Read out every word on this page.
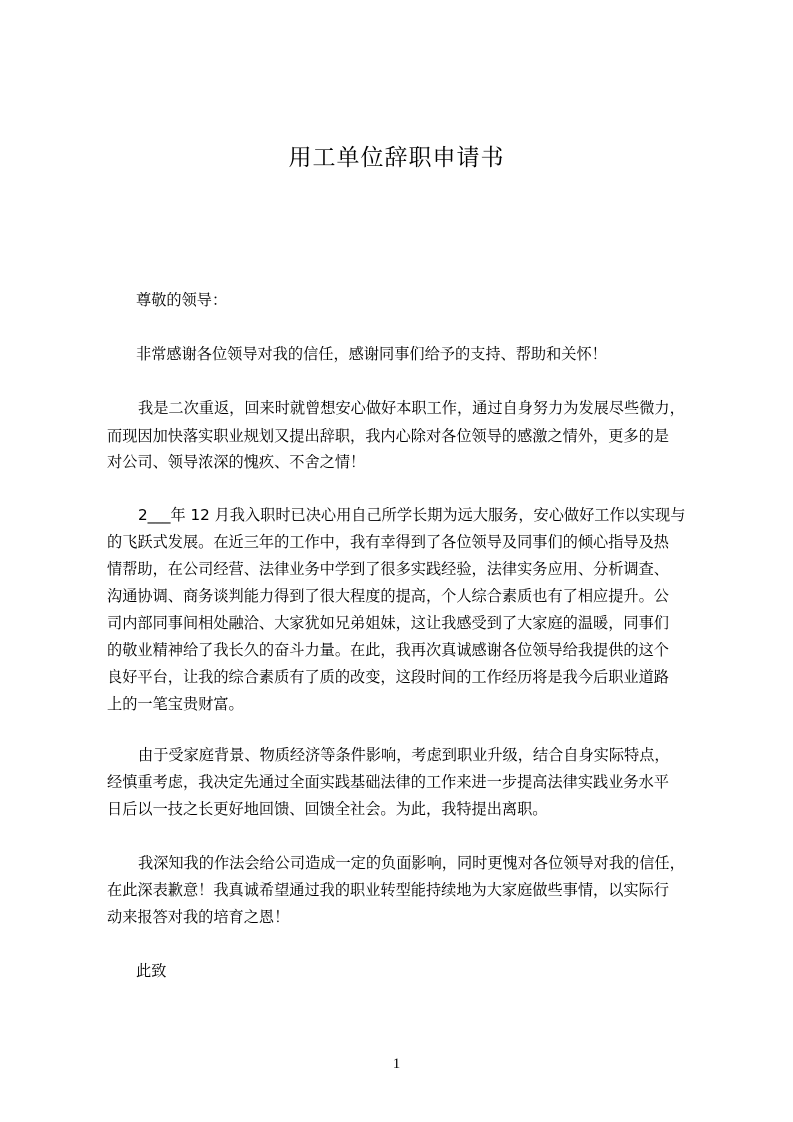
用工单位辞职申请书
尊敬的领导：
非常感谢各位领导对我的信任，感谢同事们给予的支持、帮助和关怀！
我是二次重返，回来时就曾想安心做好本职工作，通过自身努力为发展尽些微力，
而现因加快落实职业规划又提出辞职，我内心除对各位领导的感激之情外，更多的是
对公司、领导浓深的愧疚、不舍之情！
2___年 12 月我入职时已决心用自己所学长期为远大服务，安心做好工作以实现与
的飞跃式发展。在近三年的工作中，我有幸得到了各位领导及同事们的倾心指导及热
情帮助，在公司经营、法律业务中学到了很多实践经验，法律实务应用、分析调查、
沟通协调、商务谈判能力得到了很大程度的提高，个人综合素质也有了相应提升。公
司内部同事间相处融洽、大家犹如兄弟姐妹，这让我感受到了大家庭的温暖，同事们
的敬业精神给了我长久的奋斗力量。在此，我再次真诚感谢各位领导给我提供的这个
良好平台，让我的综合素质有了质的改变，这段时间的工作经历将是我今后职业道路
上的一笔宝贵财富。
由于受家庭背景、物质经济等条件影响，考虑到职业升级，结合自身实际特点，
经慎重考虑，我决定先通过全面实践基础法律的工作来进一步提高法律实践业务水平
日后以一技之长更好地回馈、回馈全社会。为此，我特提出离职。
我深知我的作法会给公司造成一定的负面影响，同时更愧对各位领导对我的信任，
在此深表歉意！我真诚希望通过我的职业转型能持续地为大家庭做些事情，以实际行
动来报答对我的培育之恩！
此致
1
